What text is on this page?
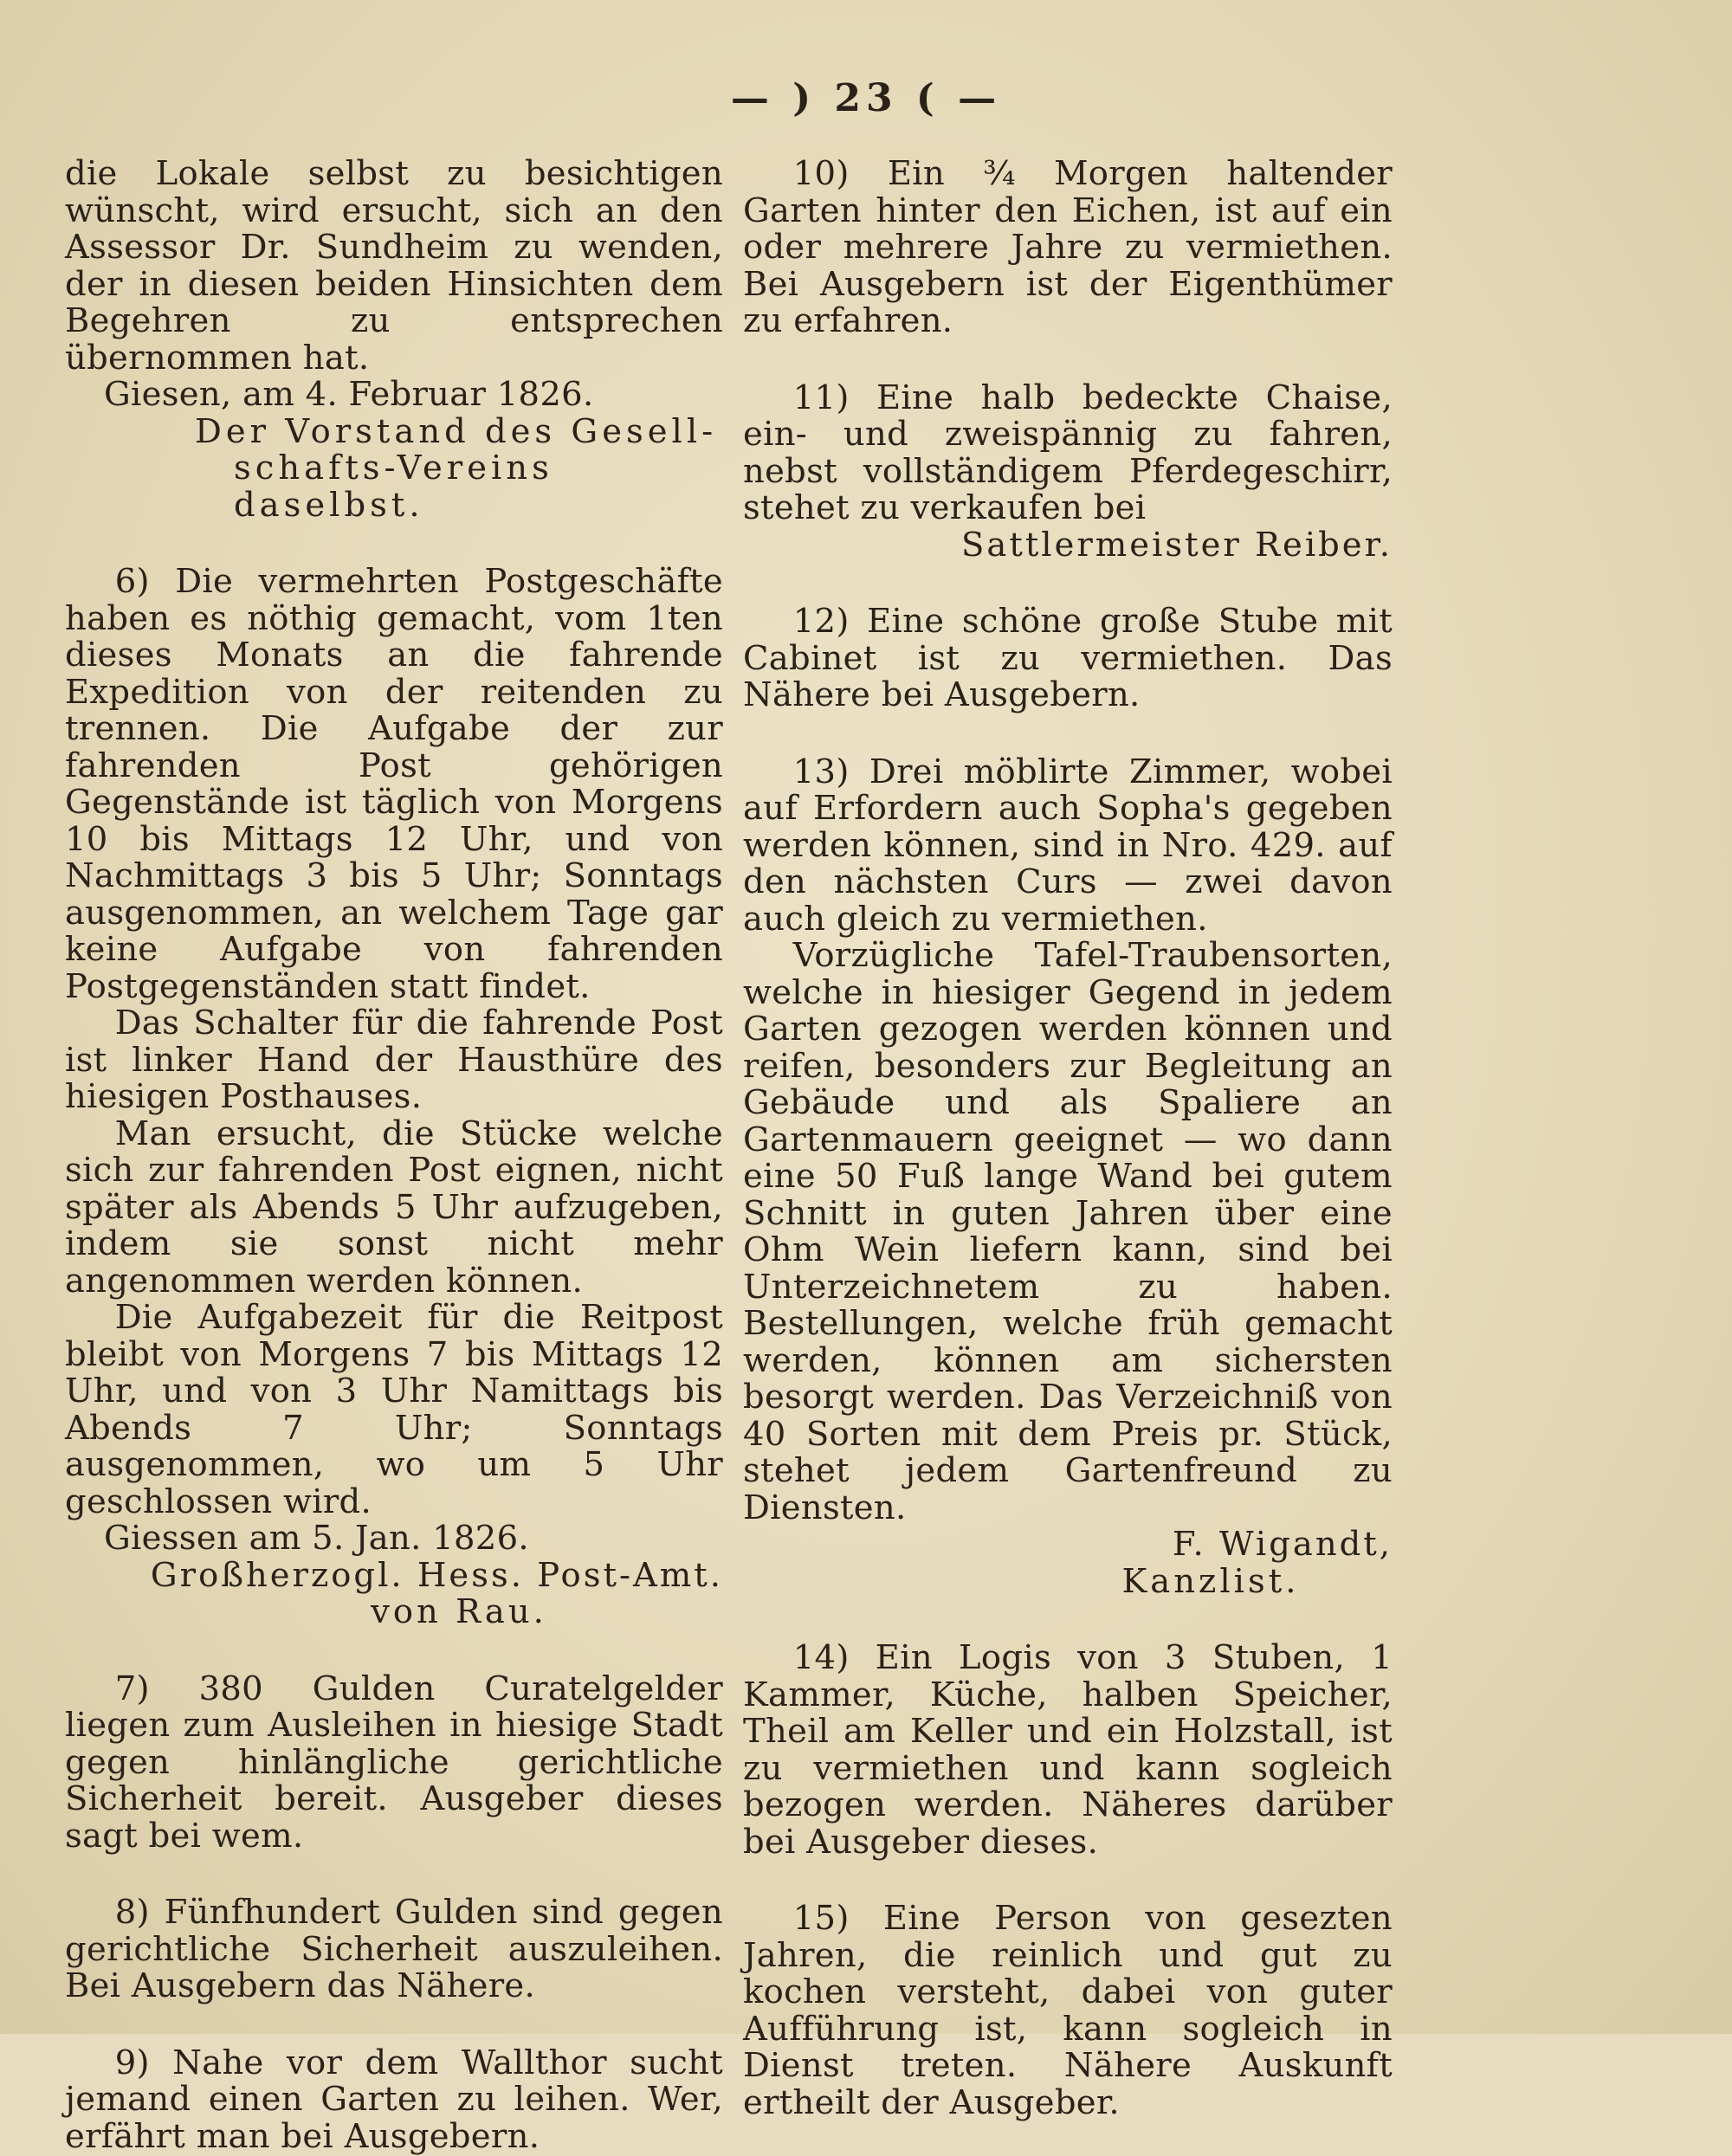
— ) 23 ( —

die Lokale selbst zu besichtigen wünscht, wird ersucht, sich an den Assessor Dr. Sundheim zu wenden, der in diesen beiden Hinsichten dem Begehren zu entsprechen übernommen hat.

Giesen, am 4. Februar 1826.

Der Vorstand des Gesell-

schafts-Vereins daselbst.

6) Die vermehrten Postgeschäfte haben es nöthig gemacht, vom 1ten dieses Monats an die fahrende Expedition von der reitenden zu trennen. Die Aufgabe der zur fahrenden Post gehörigen Gegenstände ist täglich von Morgens 10 bis Mittags 12 Uhr, und von Nachmittags 3 bis 5 Uhr; Sonntags ausgenommen, an welchem Tage gar keine Aufgabe von fahrenden Postgegenständen statt findet.

Das Schalter für die fahrende Post ist linker Hand der Hausthüre des hiesigen Posthauses.

Man ersucht, die Stücke welche sich zur fahrenden Post eignen, nicht später als Abends 5 Uhr aufzugeben, indem sie sonst nicht mehr angenommen werden können.

Die Aufgabezeit für die Reitpost bleibt von Morgens 7 bis Mittags 12 Uhr, und von 3 Uhr Namittags bis Abends 7 Uhr; Sonntags ausgenommen, wo um 5 Uhr geschlossen wird.

Giessen am 5. Jan. 1826.

Großherzogl. Hess. Post-Amt.

von Rau.

7) 380 Gulden Curatelgelder liegen zum Ausleihen in hiesige Stadt gegen hinlängliche gerichtliche Sicherheit bereit. Ausgeber dieses sagt bei wem.

8) Fünfhundert Gulden sind gegen gerichtliche Sicherheit auszuleihen. Bei Ausgebern das Nähere.

9) Nahe vor dem Wallthor sucht jemand einen Garten zu leihen. Wer, erfährt man bei Ausgebern.

10) Ein ¾ Morgen haltender Garten hinter den Eichen, ist auf ein oder mehrere Jahre zu vermiethen. Bei Ausgebern ist der Eigenthümer zu erfahren.

11) Eine halb bedeckte Chaise, ein- und zweispännig zu fahren, nebst vollständigem Pferdegeschirr, stehet zu verkaufen bei

Sattlermeister Reiber.

12) Eine schöne große Stube mit Cabinet ist zu vermiethen. Das Nähere bei Ausgebern.

13) Drei möblirte Zimmer, wobei auf Erfordern auch Sopha's gegeben werden können, sind in Nro. 429. auf den nächsten Curs — zwei davon auch gleich zu vermiethen.

Vorzügliche Tafel-Traubensorten, welche in hiesiger Gegend in jedem Garten gezogen werden können und reifen, besonders zur Begleitung an Gebäude und als Spaliere an Gartenmauern geeignet — wo dann eine 50 Fuß lange Wand bei gutem Schnitt in guten Jahren über eine Ohm Wein liefern kann, sind bei Unterzeichnetem zu haben. Bestellungen, welche früh gemacht werden, können am sichersten besorgt werden. Das Verzeichniß von 40 Sorten mit dem Preis pr. Stück, stehet jedem Gartenfreund zu Diensten.

F. Wigandt,

Kanzlist.

14) Ein Logis von 3 Stuben, 1 Kammer, Küche, halben Speicher, Theil am Keller und ein Holzstall, ist zu vermiethen und kann sogleich bezogen werden. Näheres darüber bei Ausgeber dieses.

15) Eine Person von gesezten Jahren, die reinlich und gut zu kochen versteht, dabei von guter Aufführung ist, kann sogleich in Dienst treten. Nähere Auskunft ertheilt der Ausgeber.
